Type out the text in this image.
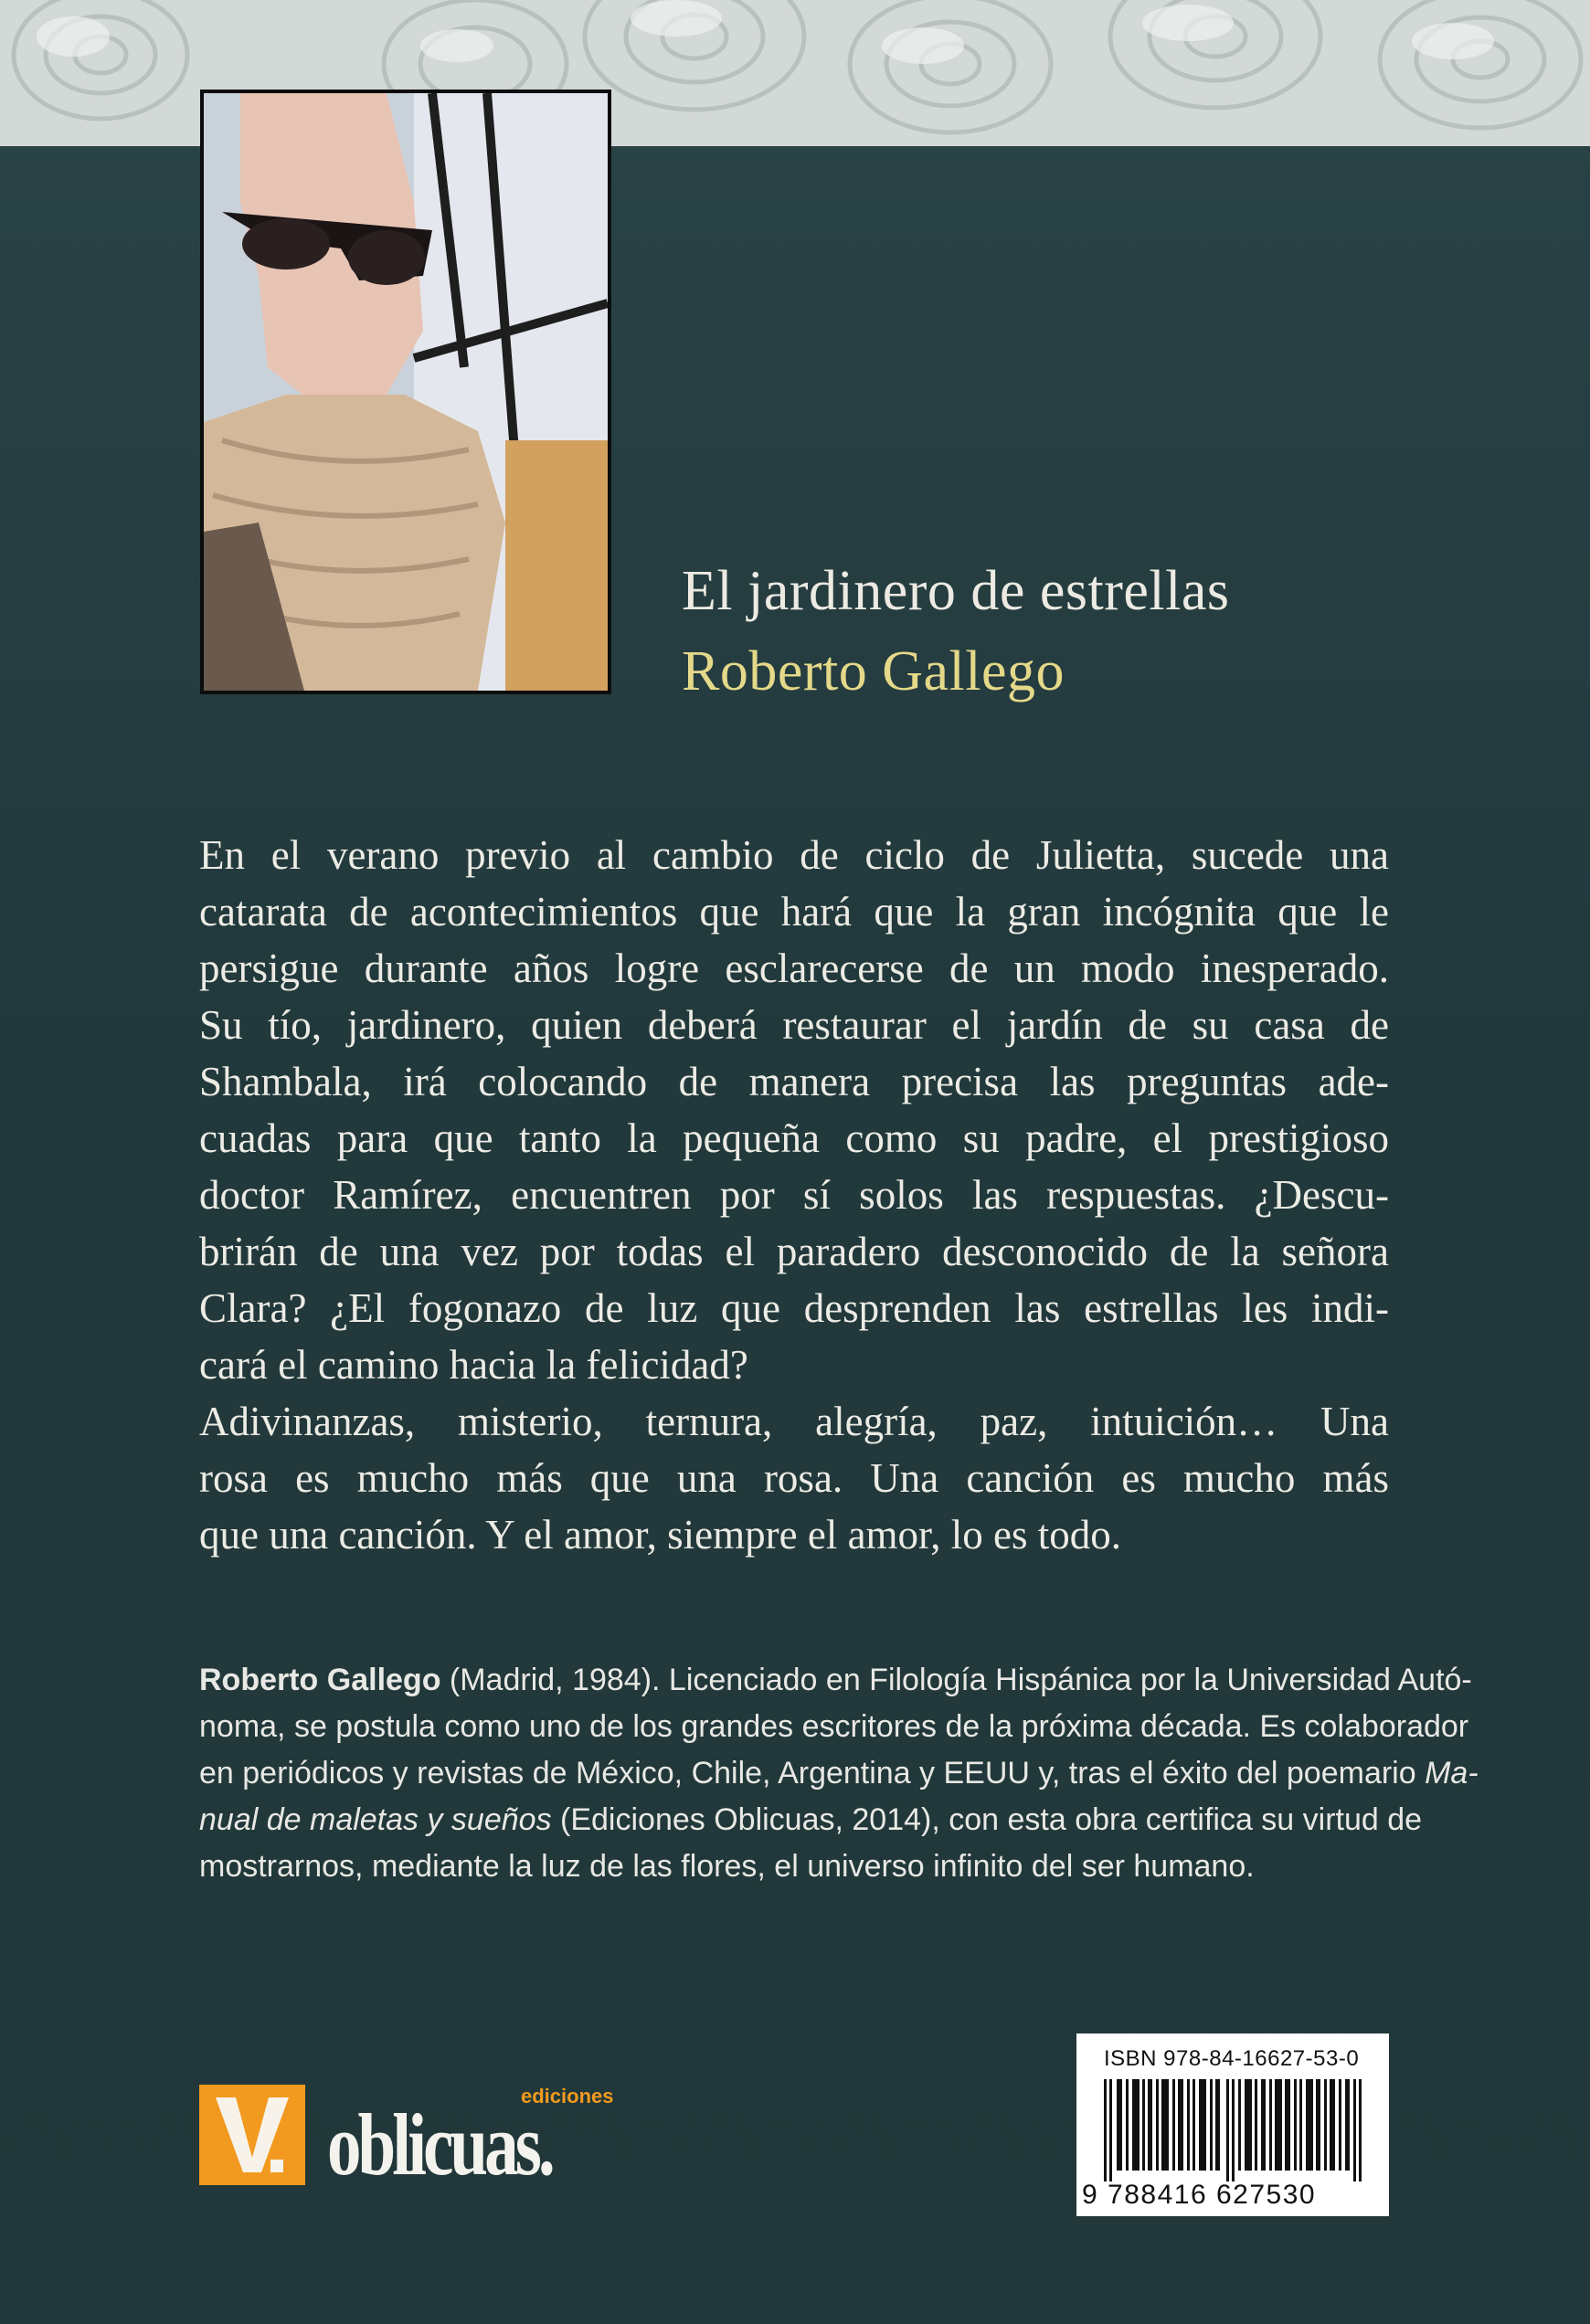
El jardinero de estrellas
Roberto Gallego
En el verano previo al cambio de ciclo de Julietta, sucede una
catarata de acontecimientos que hará que la gran incógnita que le
persigue durante años logre esclarecerse de un modo inesperado.
Su tío, jardinero, quien deberá restaurar el jardín de su casa de
Shambala, irá colocando de manera precisa las preguntas ade-
cuadas para que tanto la pequeña como su padre, el prestigioso
doctor Ramírez, encuentren por sí solos las respuestas. ¿Descu-
brirán de una vez por todas el paradero desconocido de la señora
Clara? ¿El fogonazo de luz que desprenden las estrellas les indi-
cará el camino hacia la felicidad?
Adivinanzas, misterio, ternura, alegría, paz, intuición… Una
rosa es mucho más que una rosa. Una canción es mucho más
que una canción. Y el amor, siempre el amor, lo es todo.
Roberto Gallego (Madrid, 1984). Licenciado en Filología Hispánica por la Universidad Autó-
noma, se postula como uno de los grandes escritores de la próxima década. Es colaborador
en periódicos y revistas de México, Chile, Argentina y EEUU y, tras el éxito del poemario Ma-
nual de maletas y sueños (Ediciones Oblicuas, 2014), con esta obra certifica su virtud de
mostrarnos, mediante la luz de las flores, el universo infinito del ser humano.
ediciones
oblicuas.
ISBN 978-84-16627-53-0
9 788416 627530
